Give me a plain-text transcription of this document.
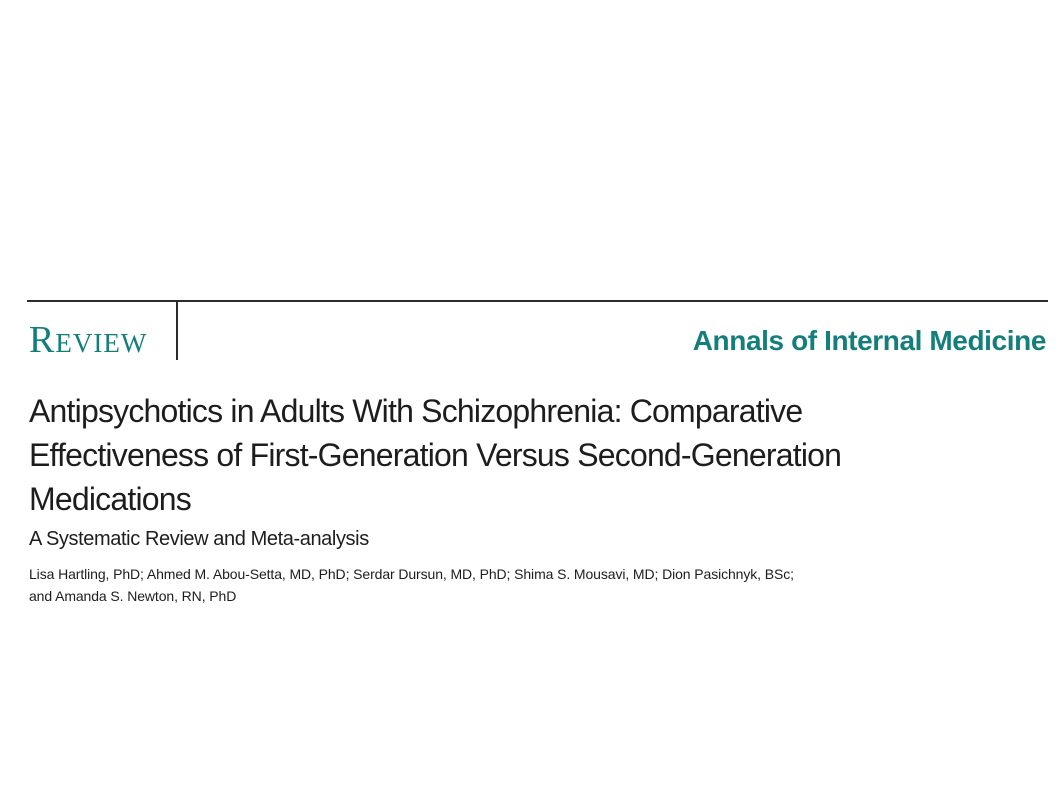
Review	Annals of Internal Medicine
Antipsychotics in Adults With Schizophrenia: Comparative
Effectiveness of First-Generation Versus Second-Generation
Medications
A Systematic Review and Meta-analysis
Lisa Hartling, PhD; Ahmed M. Abou-Setta, MD, PhD; Serdar Dursun, MD, PhD; Shima S. Mousavi, MD; Dion Pasichnyk, BSc;
and Amanda S. Newton, RN, PhD
